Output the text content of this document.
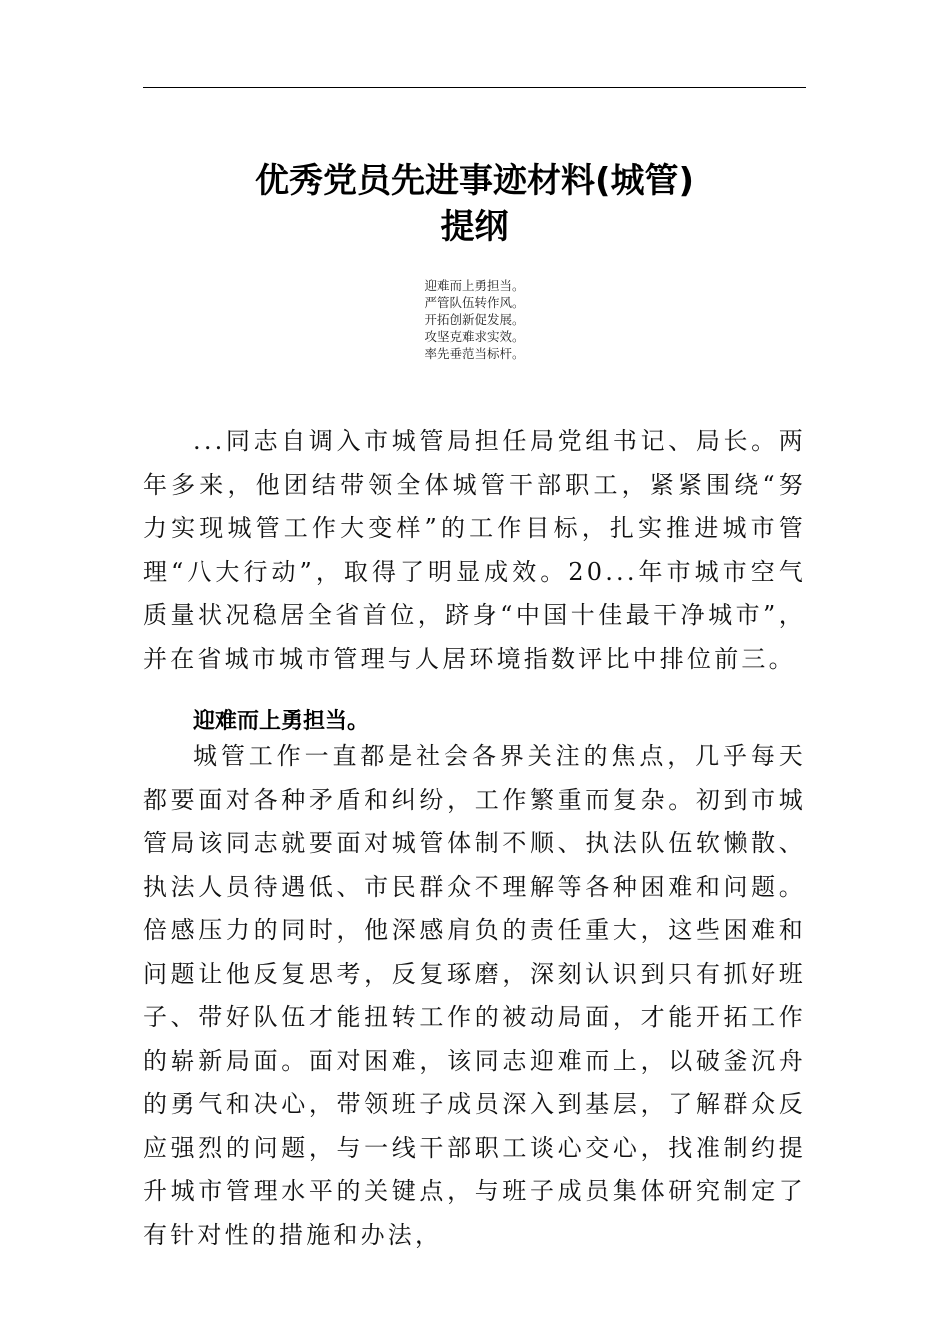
优秀党员先进事迹材料(城管)
提纲
迎难而上勇担当。
严管队伍转作风。
开拓创新促发展。
攻坚克难求实效。
率先垂范当标杆。

...同志自调入市城管局担任局党组书记、局长。两年多来，他团结带领全体城管干部职工，紧紧围绕“努力实现城管工作大变样”的工作目标，扎实推进城市管理“八大行动”，取得了明显成效。20...年市城市空气质量状况稳居全省首位，跻身“中国十佳最干净城市”，并在省城市城市管理与人居环境指数评比中排位前三。

迎难而上勇担当。

城管工作一直都是社会各界关注的焦点，几乎每天都要面对各种矛盾和纠纷，工作繁重而复杂。初到市城管局该同志就要面对城管体制不顺、执法队伍软懒散、执法人员待遇低、市民群众不理解等各种困难和问题。倍感压力的同时，他深感肩负的责任重大，这些困难和问题让他反复思考，反复琢磨，深刻认识到只有抓好班子、带好队伍才能扭转工作的被动局面，才能开拓工作的崭新局面。面对困难，该同志迎难而上，以破釜沉舟的勇气和决心，带领班子成员深入到基层，了解群众反应强烈的问题，与一线干部职工谈心交心，找准制约提升城市管理水平的关键点，与班子成员集体研究制定了有针对性的措施和办法，
